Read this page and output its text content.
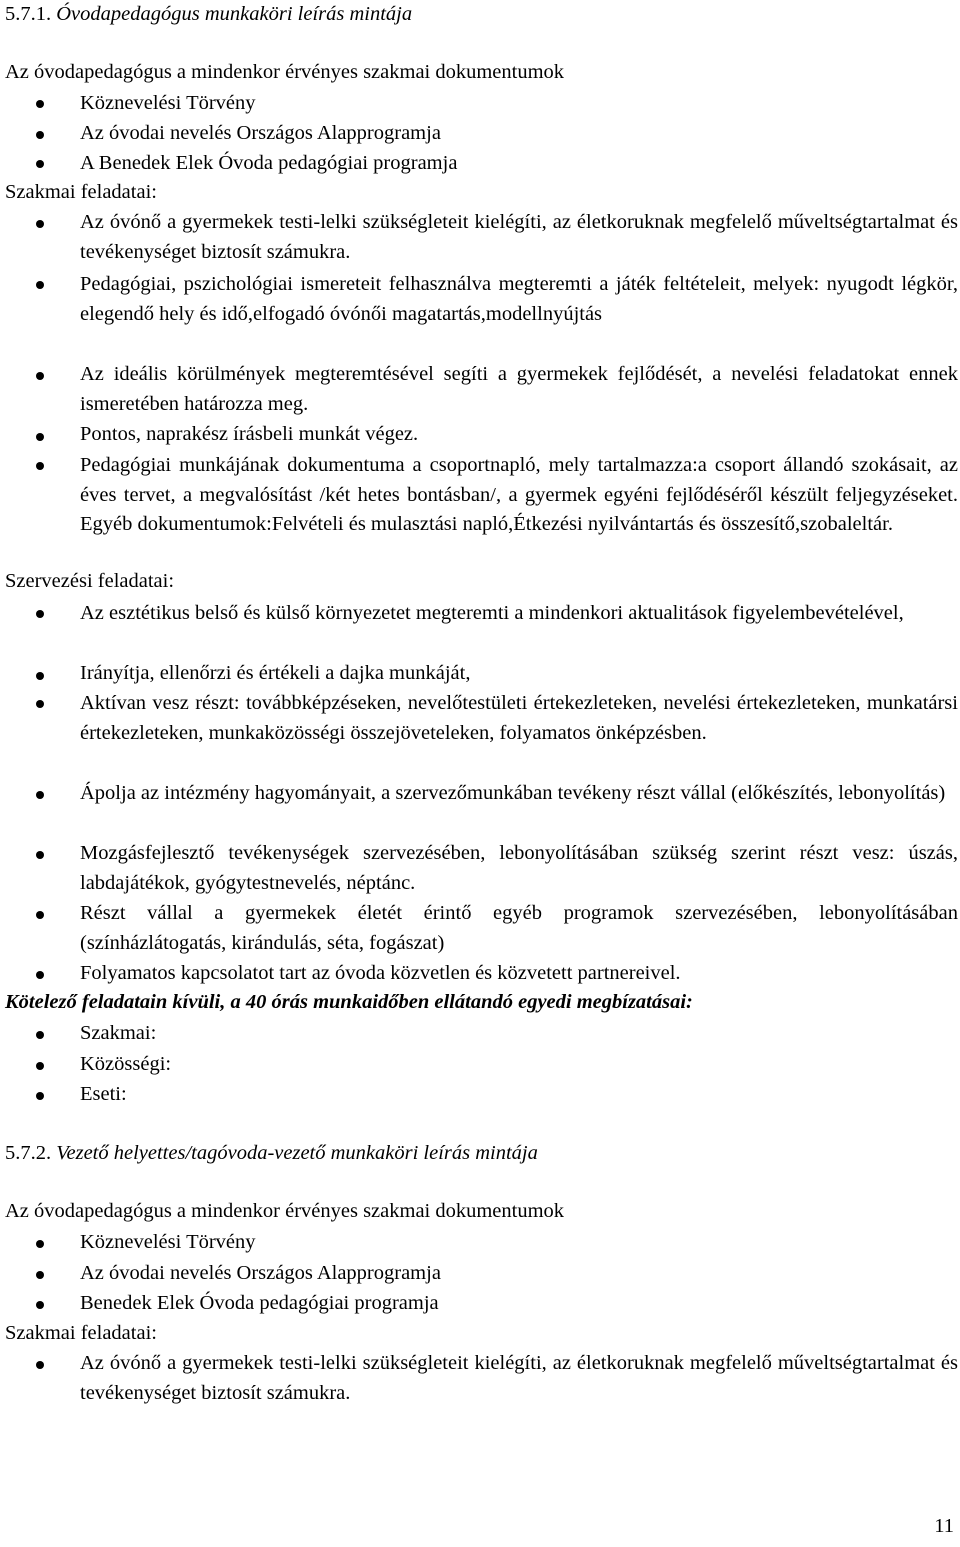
5.7.1. Óvodapedagógus munkaköri leírás mintája
Az óvodapedagógus a mindenkor érvényes szakmai dokumentumok
Köznevelési Törvény
Az óvodai nevelés Országos Alapprogramja
A Benedek Elek Óvoda pedagógiai programja
Szakmai feladatai:
Az óvónő a gyermekek testi-lelki szükségleteit kielégíti, az életkoruknak megfelelő műveltségtartalmat és tevékenységet biztosít számukra.
Pedagógiai, pszichológiai ismereteit felhasználva megteremti a játék feltételeit, melyek: nyugodt légkör, elegendő hely és idő,elfogadó óvónői magatartás,modellnyújtás
Az ideális körülmények megteremtésével segíti a gyermekek fejlődését, a nevelési feladatokat ennek ismeretében határozza meg.
Pontos, naprakész írásbeli munkát végez.
Pedagógiai munkájának dokumentuma a csoportnapló, mely tartalmazza:a csoport állandó szokásait, az éves tervet, a megvalósítást /két hetes bontásban/, a gyermek egyéni fejlődéséről készült feljegyzéseket. Egyéb dokumentumok:Felvételi és mulasztási napló,Étkezési nyilvántartás és összesítő,szobaleltár.
Szervezési feladatai:
Az esztétikus belső és külső környezetet megteremti a mindenkori aktualitások figyelembevételével,
Irányítja, ellenőrzi és értékeli a dajka munkáját,
Aktívan vesz részt: továbbképzéseken, nevelőtestületi értekezleteken, nevelési értekezleteken, munkatársi értekezleteken, munkaközösségi összejöveteleken, folyamatos önképzésben.
Ápolja az intézmény hagyományait, a szervezőmunkában tevékeny részt vállal (előkészítés, lebonyolítás)
Mozgásfejlesztő tevékenységek szervezésében, lebonyolításában szükség szerint részt vesz: úszás, labdajátékok, gyógytestnevelés, néptánc.
Részt vállal a gyermekek életét érintő egyéb programok szervezésében, lebonyolításában (színházlátogatás, kirándulás, séta, fogászat)
Folyamatos kapcsolatot tart az óvoda közvetlen és közvetett partnereivel.
Kötelező feladatain kívüli, a 40 órás munkaidőben ellátandó egyedi megbízatásai:
Szakmai:
Közösségi:
Eseti:
5.7.2. Vezető helyettes/tagóvoda-vezető munkaköri leírás mintája
Az óvodapedagógus a mindenkor érvényes szakmai dokumentumok
Köznevelési Törvény
Az óvodai nevelés Országos Alapprogramja
Benedek Elek Óvoda pedagógiai programja
Szakmai feladatai:
Az óvónő a gyermekek testi-lelki szükségleteit kielégíti, az életkoruknak megfelelő műveltségtartalmat és tevékenységet biztosít számukra.
11
